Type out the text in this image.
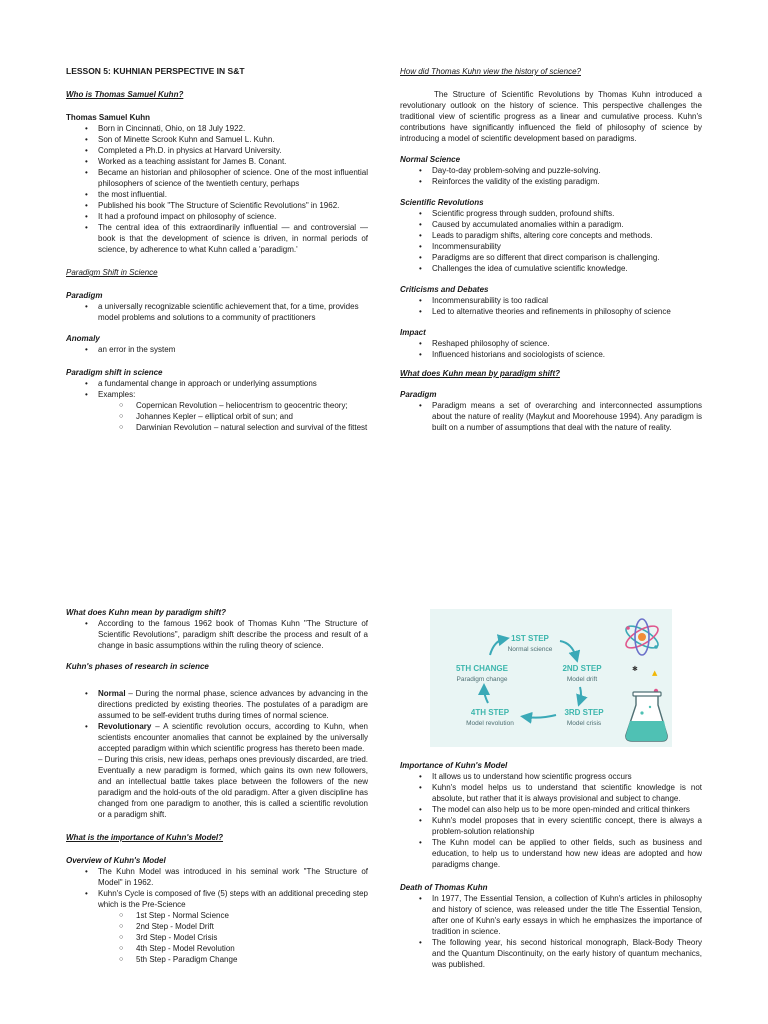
LESSON 5: KUHNIAN PERSPECTIVE IN S&T

Who is Thomas Samuel Kuhn?

Thomas Samuel Kuhn

• Born in Cincinnati, Ohio, on 18 July 1922.
• Son of Minette Scrook Kuhn and Samuel L. Kuhn.
• Completed a Ph.D. in physics at Harvard University.
• Worked as a teaching assistant for James B. Conant.
• Became an historian and philosopher of science. One of the most influential philosophers of science of the twentieth century, perhaps
• the most influential.
• Published his book "The Structure of Scientific Revolutions" in 1962.
• It had a profound impact on philosophy of science.
• The central idea of this extraordinarily influential — and controversial — book is that the development of science is driven, in normal periods of science, by adherence to what Kuhn called a 'paradigm.'

Paradigm Shift in Science

Paradigm

• a universally recognizable scientific achievement that, for a time, provides model problems and solutions to a community of practitioners

Anomaly

• an error in the system

Paradigm shift in science

• a fundamental change in approach or underlying assumptions
• Examples:
○ Copernican Revolution – heliocentrism to geocentric theory;
○ Johannes Kepler – elliptical orbit of sun; and
○ Darwinian Revolution – natural selection and survival of the fittest

How did Thomas Kuhn view the history of science?

The Structure of Scientific Revolutions by Thomas Kuhn introduced a revolutionary outlook on the history of science. This perspective challenges the traditional view of scientific progress as a linear and cumulative process. Kuhn's contributions have significantly influenced the field of philosophy of science by introducing a model of scientific development based on paradigms.

Normal Science

• Day-to-day problem-solving and puzzle-solving.
• Reinforces the validity of the existing paradigm.

Scientific Revolutions

• Scientific progress through sudden, profound shifts.
• Caused by accumulated anomalies within a paradigm.
• Leads to paradigm shifts, altering core concepts and methods.
• Incommensurability
• Paradigms are so different that direct comparison is challenging.
• Challenges the idea of cumulative scientific knowledge.

Criticisms and Debates

• Incommensurability is too radical
• Led to alternative theories and refinements in philosophy of science

Impact

• Reshaped philosophy of science.
• Influenced historians and sociologists of science.

What does Kuhn mean by paradigm shift?

Paradigm

• Paradigm means a set of overarching and interconnected assumptions about the nature of reality (Maykut and Moorehouse 1994). Any paradigm is built on a number of assumptions that deal with the nature of reality.

What does Kuhn mean by paradigm shift?

• According to the famous 1962 book of Thomas Kuhn "The Structure of Scientific Revolutions", paradigm shift describe the process and result of a change in basic assumptions within the ruling theory of science.

Kuhn's phases of research in science

• Normal – During the normal phase, science advances by advancing in the directions predicted by existing theories. The postulates of a paradigm are assumed to be self-evident truths during times of normal science.
• Revolutionary – A scientific revolution occurs, according to Kuhn, when scientists encounter anomalies that cannot be explained by the universally accepted paradigm within which scientific progress has thereto been made.

– During this crisis, new ideas, perhaps ones previously discarded, are tried. Eventually a new paradigm is formed, which gains its own new followers, and an intellectual battle takes place between the followers of the new paradigm and the hold-outs of the old paradigm. After a given discipline has changed from one paradigm to another, this is called a scientific revolution or a paradigm shift.

What is the importance of Kuhn's Model?

Overview of Kuhn's Model

• The Kuhn Model was introduced in his seminal work "The Structure of Model" in 1962.
• Kuhn's Cycle is composed of five (5) steps with an additional preceding step which is the Pre-Science
○ 1st Step - Normal Science
○ 2nd Step - Model Drift
○ 3rd Step - Model Crisis
○ 4th Step - Model Revolution
○ 5th Step - Paradigm Change
1ST STEP
Normal science
2ND STEP
Model drift
3RD STEP
Model crisis
4TH STEP
Model revolution
5TH CHANGE
Paradigm change
✱ ▲

Importance of Kuhn's Model

• It allows us to understand how scientific progress occurs
• Kuhn's model helps us to understand that scientific knowledge is not absolute, but rather that it is always provisional and subject to change.
• The model can also help us to be more open-minded and critical thinkers
• Kuhn's model proposes that in every scientific concept, there is always a problem-solution relationship
• The Kuhn model can be applied to other fields, such as business and education, to help us to understand how new ideas are adopted and how paradigms change.

Death of Thomas Kuhn

• In 1977, The Essential Tension, a collection of Kuhn's articles in philosophy and history of science, was released under the title The Essential Tension, after one of Kuhn's early essays in which he emphasizes the importance of tradition in science.
• The following year, his second historical monograph, Black-Body Theory and the Quantum Discontinuity, on the early history of quantum mechanics, was published.
